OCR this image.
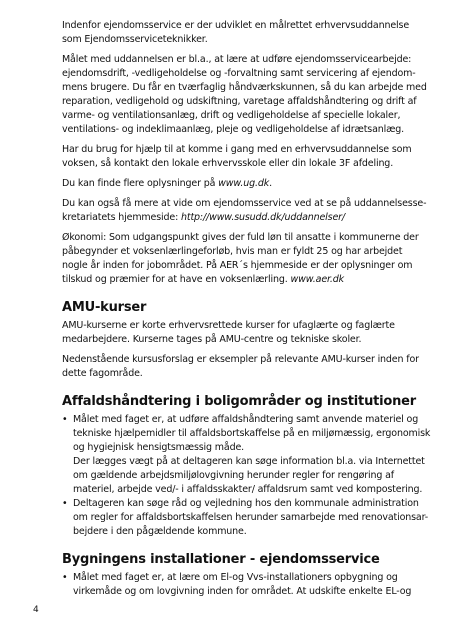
Indenfor ejendomsservice er der udviklet en målrettet erhvervsuddannelse
som Ejendomsserviceteknikker.

Målet med uddannelsen er bl.a., at lære at udføre ejendomsservicearbejde:
ejendomsdrift, -vedligeholdelse og -forvaltning samt servicering af ejendom-
mens brugere. Du får en tværfaglig håndværkskunnen, så du kan arbejde med
reparation, vedligehold og udskiftning, varetage affaldshåndtering og drift af
varme- og ventilationsanlæg, drift og vedligeholdelse af specielle lokaler,
ventilations- og indeklimaanlæg, pleje og vedligeholdelse af idrætsanlæg.

Har du brug for hjælp til at komme i gang med en erhvervsuddannelse som
voksen, så kontakt den lokale erhvervsskole eller din lokale 3F afdeling.

Du kan finde flere oplysninger på www.ug.dk.

Du kan også få mere at vide om ejendomsservice ved at se på uddannelsesse-
kretariatets hjemmeside: http://www.susudd.dk/uddannelser/

Økonomi: Som udgangspunkt gives der fuld løn til ansatte i kommunerne der
påbegynder et voksenlærlingeforløb, hvis man er fyldt 25 og har arbejdet
nogle år inden for jobområdet. På AER´s hjemmeside er der oplysninger om
tilskud og præmier for at have en voksenlærling. www.aer.dk

AMU-kurser

AMU-kurserne er korte erhvervsrettede kurser for ufaglærte og faglærte
medarbejdere. Kurserne tages på AMU-centre og tekniske skoler.

Nedenstående kursusforslag er eksempler på relevante AMU-kurser inden for
dette fagområde.

Affaldshåndtering i boligområder og institutioner
• Målet med faget er, at udføre affaldshåndtering samt anvende materiel og
tekniske hjælpemidler til affaldsbortskaffelse på en miljømæssig, ergonomisk
og hygiejnisk hensigtsmæssig måde.
Der lægges vægt på at deltageren kan søge information bl.a. via Internettet
om gældende arbejdsmiljølovgivning herunder regler for rengøring af
materiel, arbejde ved/- i affaldsskakter/ affaldsrum samt ved kompostering.
• Deltageren kan søge råd og vejledning hos den kommunale administration
om regler for affaldsbortskaffelsen herunder samarbejde med renovationsar-
bejdere i den pågældende kommune.
Bygningens installationer - ejendomsservice
• Målet med faget er, at lære om El-og Vvs-installationers opbygning og
virkemåde og om lovgivning inden for området. At udskifte enkelte EL-og
4
